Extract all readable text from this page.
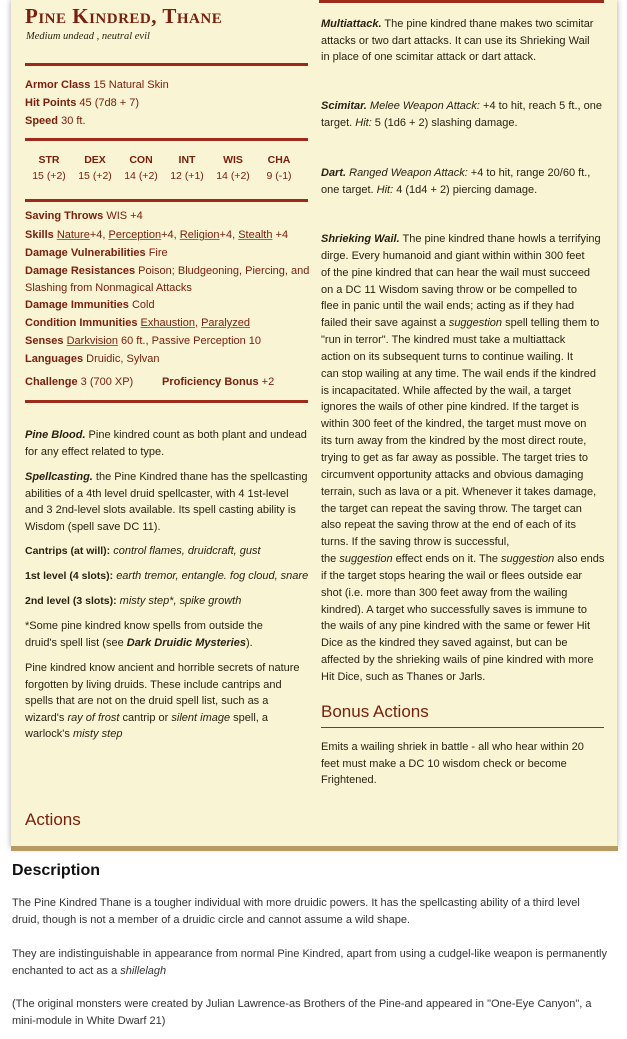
Pine Kindred, Thane
Medium undead , neutral evil
Armor Class 15 Natural Skin
Hit Points 45 (7d8 + 7)
Speed 30 ft.
STR
15 (+2)
DEX
15 (+2)
CON
14 (+2)
INT
12 (+1)
WIS
14 (+2)
CHA
9 (-1)
Saving Throws WIS +4
Skills Nature+4, Perception+4, Religion+4, Stealth +4
Damage Vulnerabilities Fire
Damage Resistances Poison; Bludgeoning, Piercing, and
Slashing from Nonmagical Attacks
Damage Immunities Cold
Condition Immunities Exhaustion, Paralyzed
Senses Darkvision 60 ft., Passive Perception 10
Languages Druidic, Sylvan
Challenge 3 (700 XP)	Proficiency Bonus +2
Pine Blood. Pine kindred count as both plant and undead
for any effect related to type.
Spellcasting. the Pine Kindred thane has the spellcasting
abilities of a 4th level druid spellcaster, with 4 1st-level
and 3 2nd-level slots available. Its spell casting ability is
Wisdom (spell save DC 11).
Cantrips (at will): control flames, druidcraft, gust
1st level (4 slots): earth tremor, entangle. fog cloud, snare
2nd level (3 slots): misty step*, spike growth
*Some pine kindred know spells from outside the
druid's spell list (see Dark Druidic Mysteries).
Pine kindred know ancient and horrible secrets of nature
forgotten by living druids. These include cantrips and
spells that are not on the druid spell list, such as a
wizard's ray of frost cantrip or silent image spell, a
warlock's misty step
Actions
Multiattack. The pine kindred thane makes two scimitar
attacks or two dart attacks. It can use its Shrieking Wail
in place of one scimitar attack or dart attack.
Scimitar. Melee Weapon Attack: +4 to hit, reach 5 ft., one
target. Hit: 5 (1d6 + 2) slashing damage.
Dart. Ranged Weapon Attack: +4 to hit, range 20/60 ft.,
one target. Hit: 4 (1d4 + 2) piercing damage.
Shrieking Wail. The pine kindred thane howls a terrifying
dirge. Every humanoid and giant within within 300 feet
of the pine kindred that can hear the wail must succeed
on a DC 11 Wisdom saving throw or be compelled to
flee in panic until the wail ends; acting as if they had
failed their save against a suggestion spell telling them to
"run in terror". The kindred must take a multiattack
action on its subsequent turns to continue wailing. It
can stop wailing at any time. The wail ends if the kindred
is incapacitated. While affected by the wail, a target
ignores the wails of other pine kindred. If the target is
within 300 feet of the kindred, the target must move on
its turn away from the kindred by the most direct route,
trying to get as far away as possible. The target tries to
circumvent opportunity attacks and obvious damaging
terrain, such as lava or a pit. Whenever it takes damage,
the target can repeat the saving throw. The target can
also repeat the saving throw at the end of each of its
turns. If the saving throw is successful,
the suggestion effect ends on it. The suggestion also ends
if the target stops hearing the wail or flees outside ear
shot (i.e. more than 300 feet away from the wailing
kindred). A target who successfully saves is immune to
the wails of any pine kindred with the same or fewer Hit
Dice as the kindred they saved against, but can be
affected by the shrieking wails of pine kindred with more
Hit Dice, such as Thanes or Jarls.
Bonus Actions
Emits a wailing shriek in battle - all who hear within 20
feet must make a DC 10 wisdom check or become
Frightened.
Description
The Pine Kindred Thane is a tougher individual with more druidic powers. It has the spellcasting ability of a third level
druid, though is not a member of a druidic circle and cannot assume a wild shape.
They are indistinguishable in appearance from normal Pine Kindred, apart from using a cudgel-like weapon is permanently
enchanted to act as a shillelagh
(The original monsters were created by Julian Lawrence-as Brothers of the Pine-and appeared in "One-Eye Canyon", a
mini-module in White Dwarf 21)
